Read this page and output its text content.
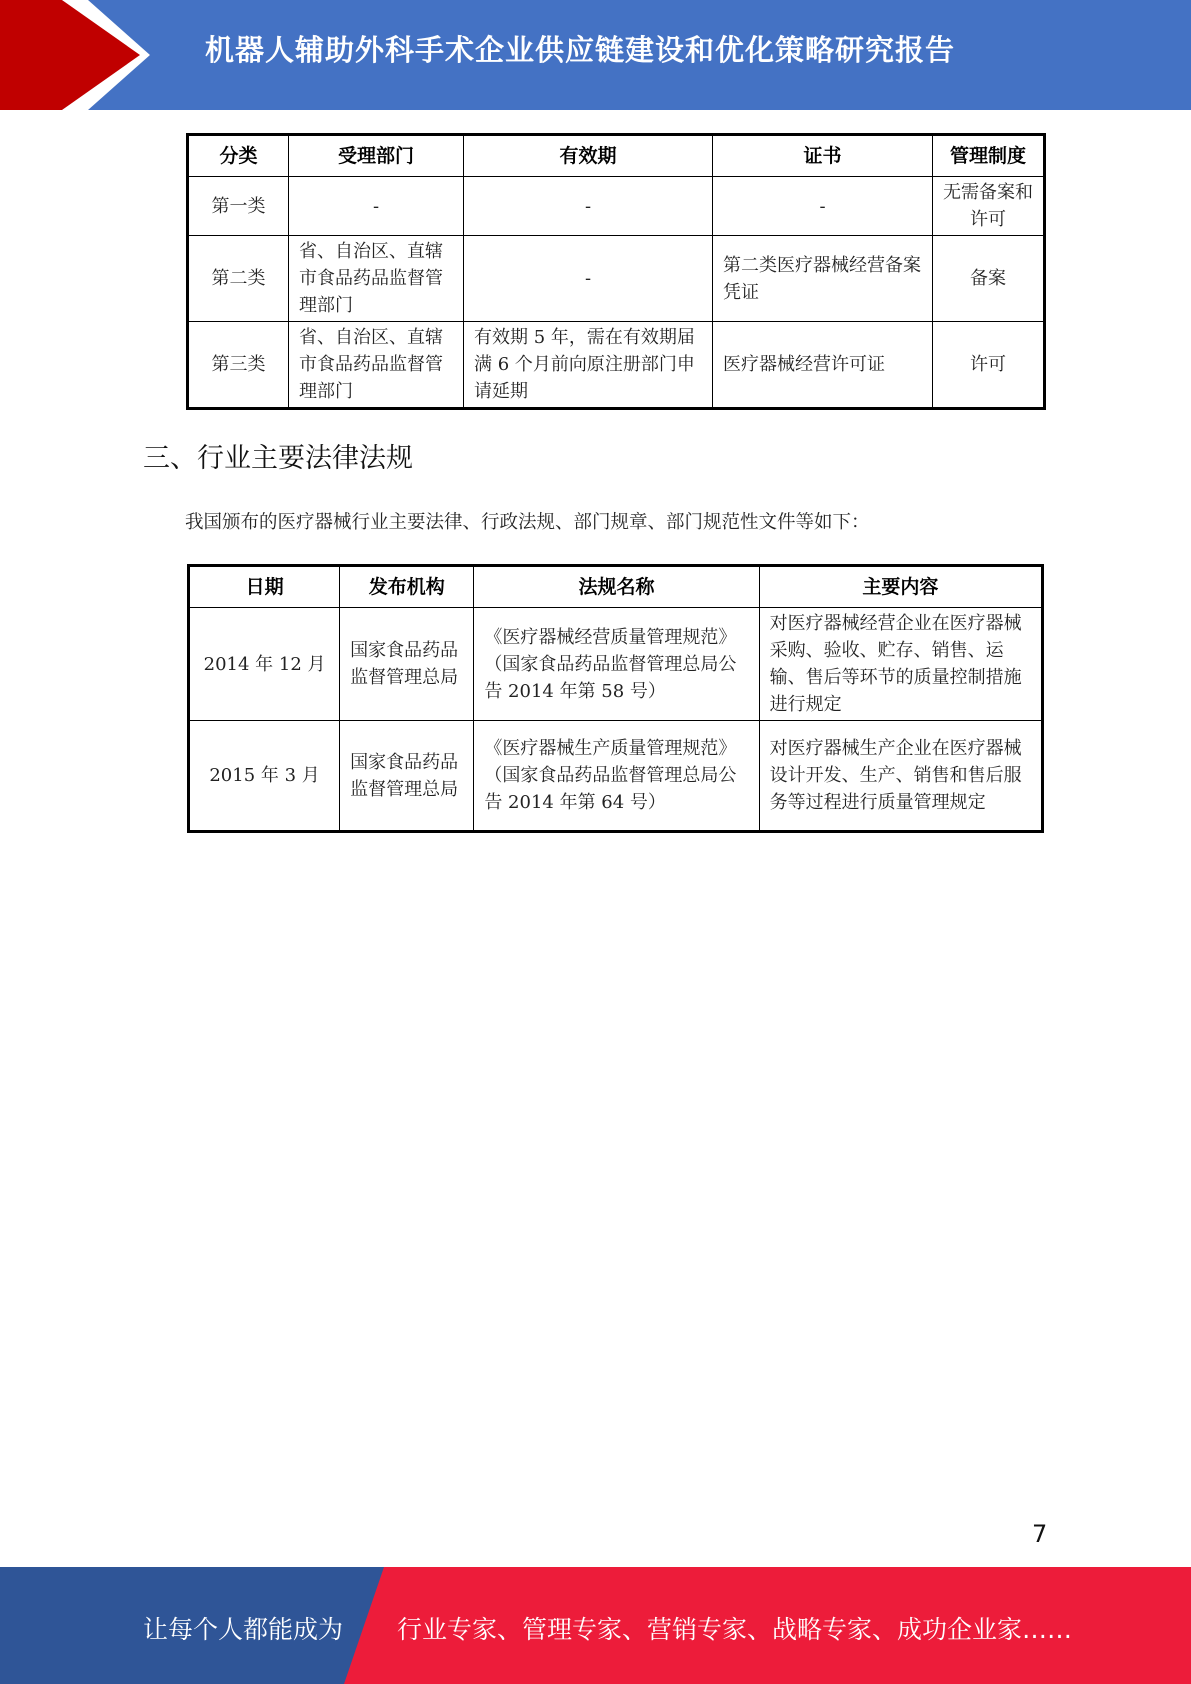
机器人辅助外科手术企业供应链建设和优化策略研究报告
分类	受理部门	有效期	证书	管理制度
第一类	-	-	-	无需备案和许可
第二类	省、自治区、直辖市食品药品监督管理部门	-	第二类医疗器械经营备案凭证	备案
第三类	省、自治区、直辖市食品药品监督管理部门	有效期 5 年，需在有效期届满 6 个月前向原注册部门申请延期	医疗器械经营许可证	许可
三、行业主要法律法规
我国颁布的医疗器械行业主要法律、行政法规、部门规章、部门规范性文件等如下：
日期	发布机构	法规名称	主要内容
2014 年 12 月	国家食品药品监督管理总局	《医疗器械经营质量管理规范》（国家食品药品监督管理总局公告 2014 年第 58 号）	对医疗器械经营企业在医疗器械采购、验收、贮存、销售、运输、售后等环节的质量控制措施进行规定
2015 年 3 月	国家食品药品监督管理总局	《医疗器械生产质量管理规范》（国家食品药品监督管理总局公告 2014 年第 64 号）	对医疗器械生产企业在医疗器械设计开发、生产、销售和售后服务等过程进行质量管理规定
7
让每个人都能成为 行业专家、管理专家、营销专家、战略专家、成功企业家……
